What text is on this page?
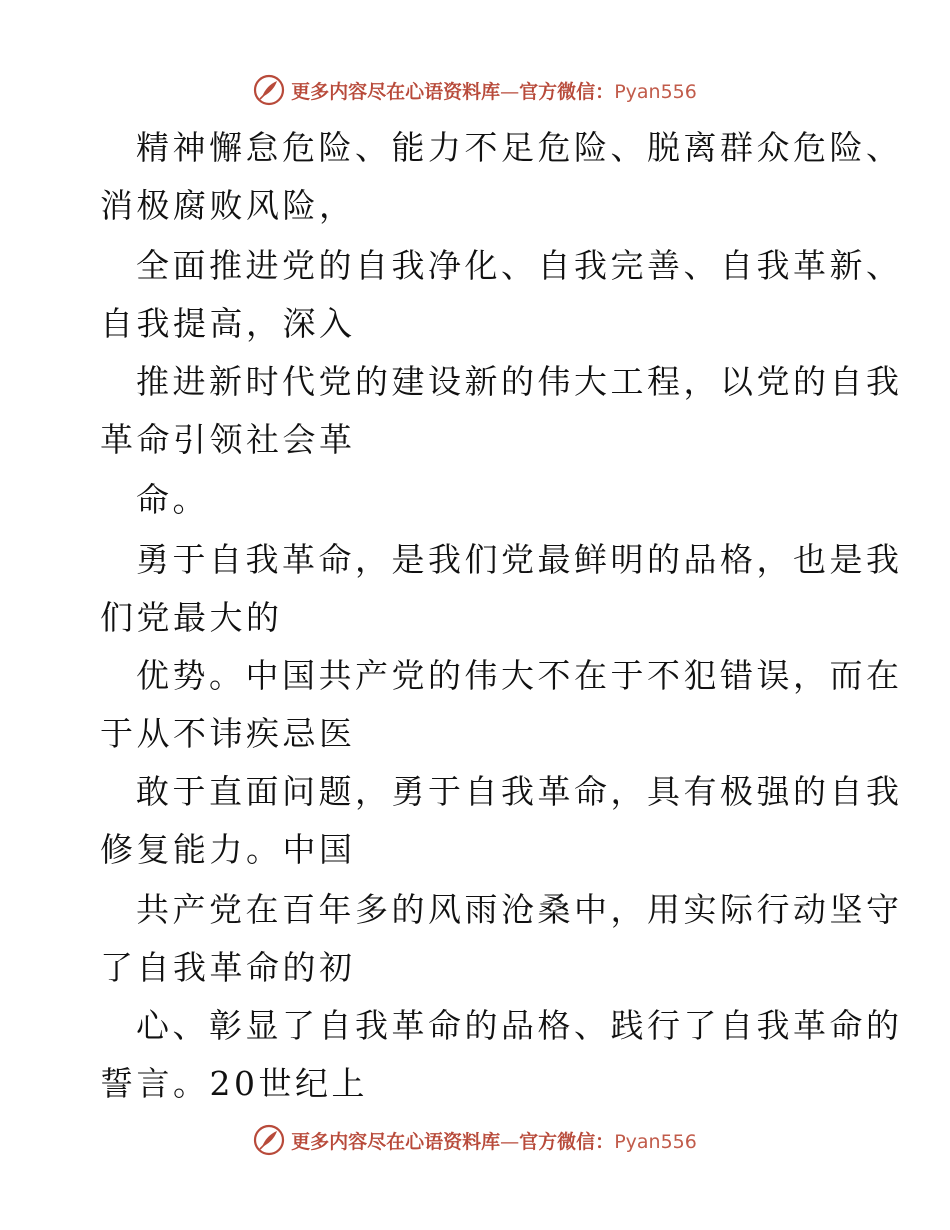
更多内容尽在心语资料库—官方微信：Pyan556
精神懈怠危险、能力不足危险、脱离群众危险、
消极腐败风险，
全面推进党的自我净化、自我完善、自我革新、
自我提高，深入
推进新时代党的建设新的伟大工程，以党的自我
革命引领社会革
命。
勇于自我革命，是我们党最鲜明的品格，也是我
们党最大的
优势。中国共产党的伟大不在于不犯错误，而在
于从不讳疾忌医
敢于直面问题，勇于自我革命，具有极强的自我
修复能力。中国
共产党在百年多的风雨沧桑中，用实际行动坚守
了自我革命的初
心、彰显了自我革命的品格、践行了自我革命的
誓言。20世纪上
更多内容尽在心语资料库—官方微信：Pyan556
